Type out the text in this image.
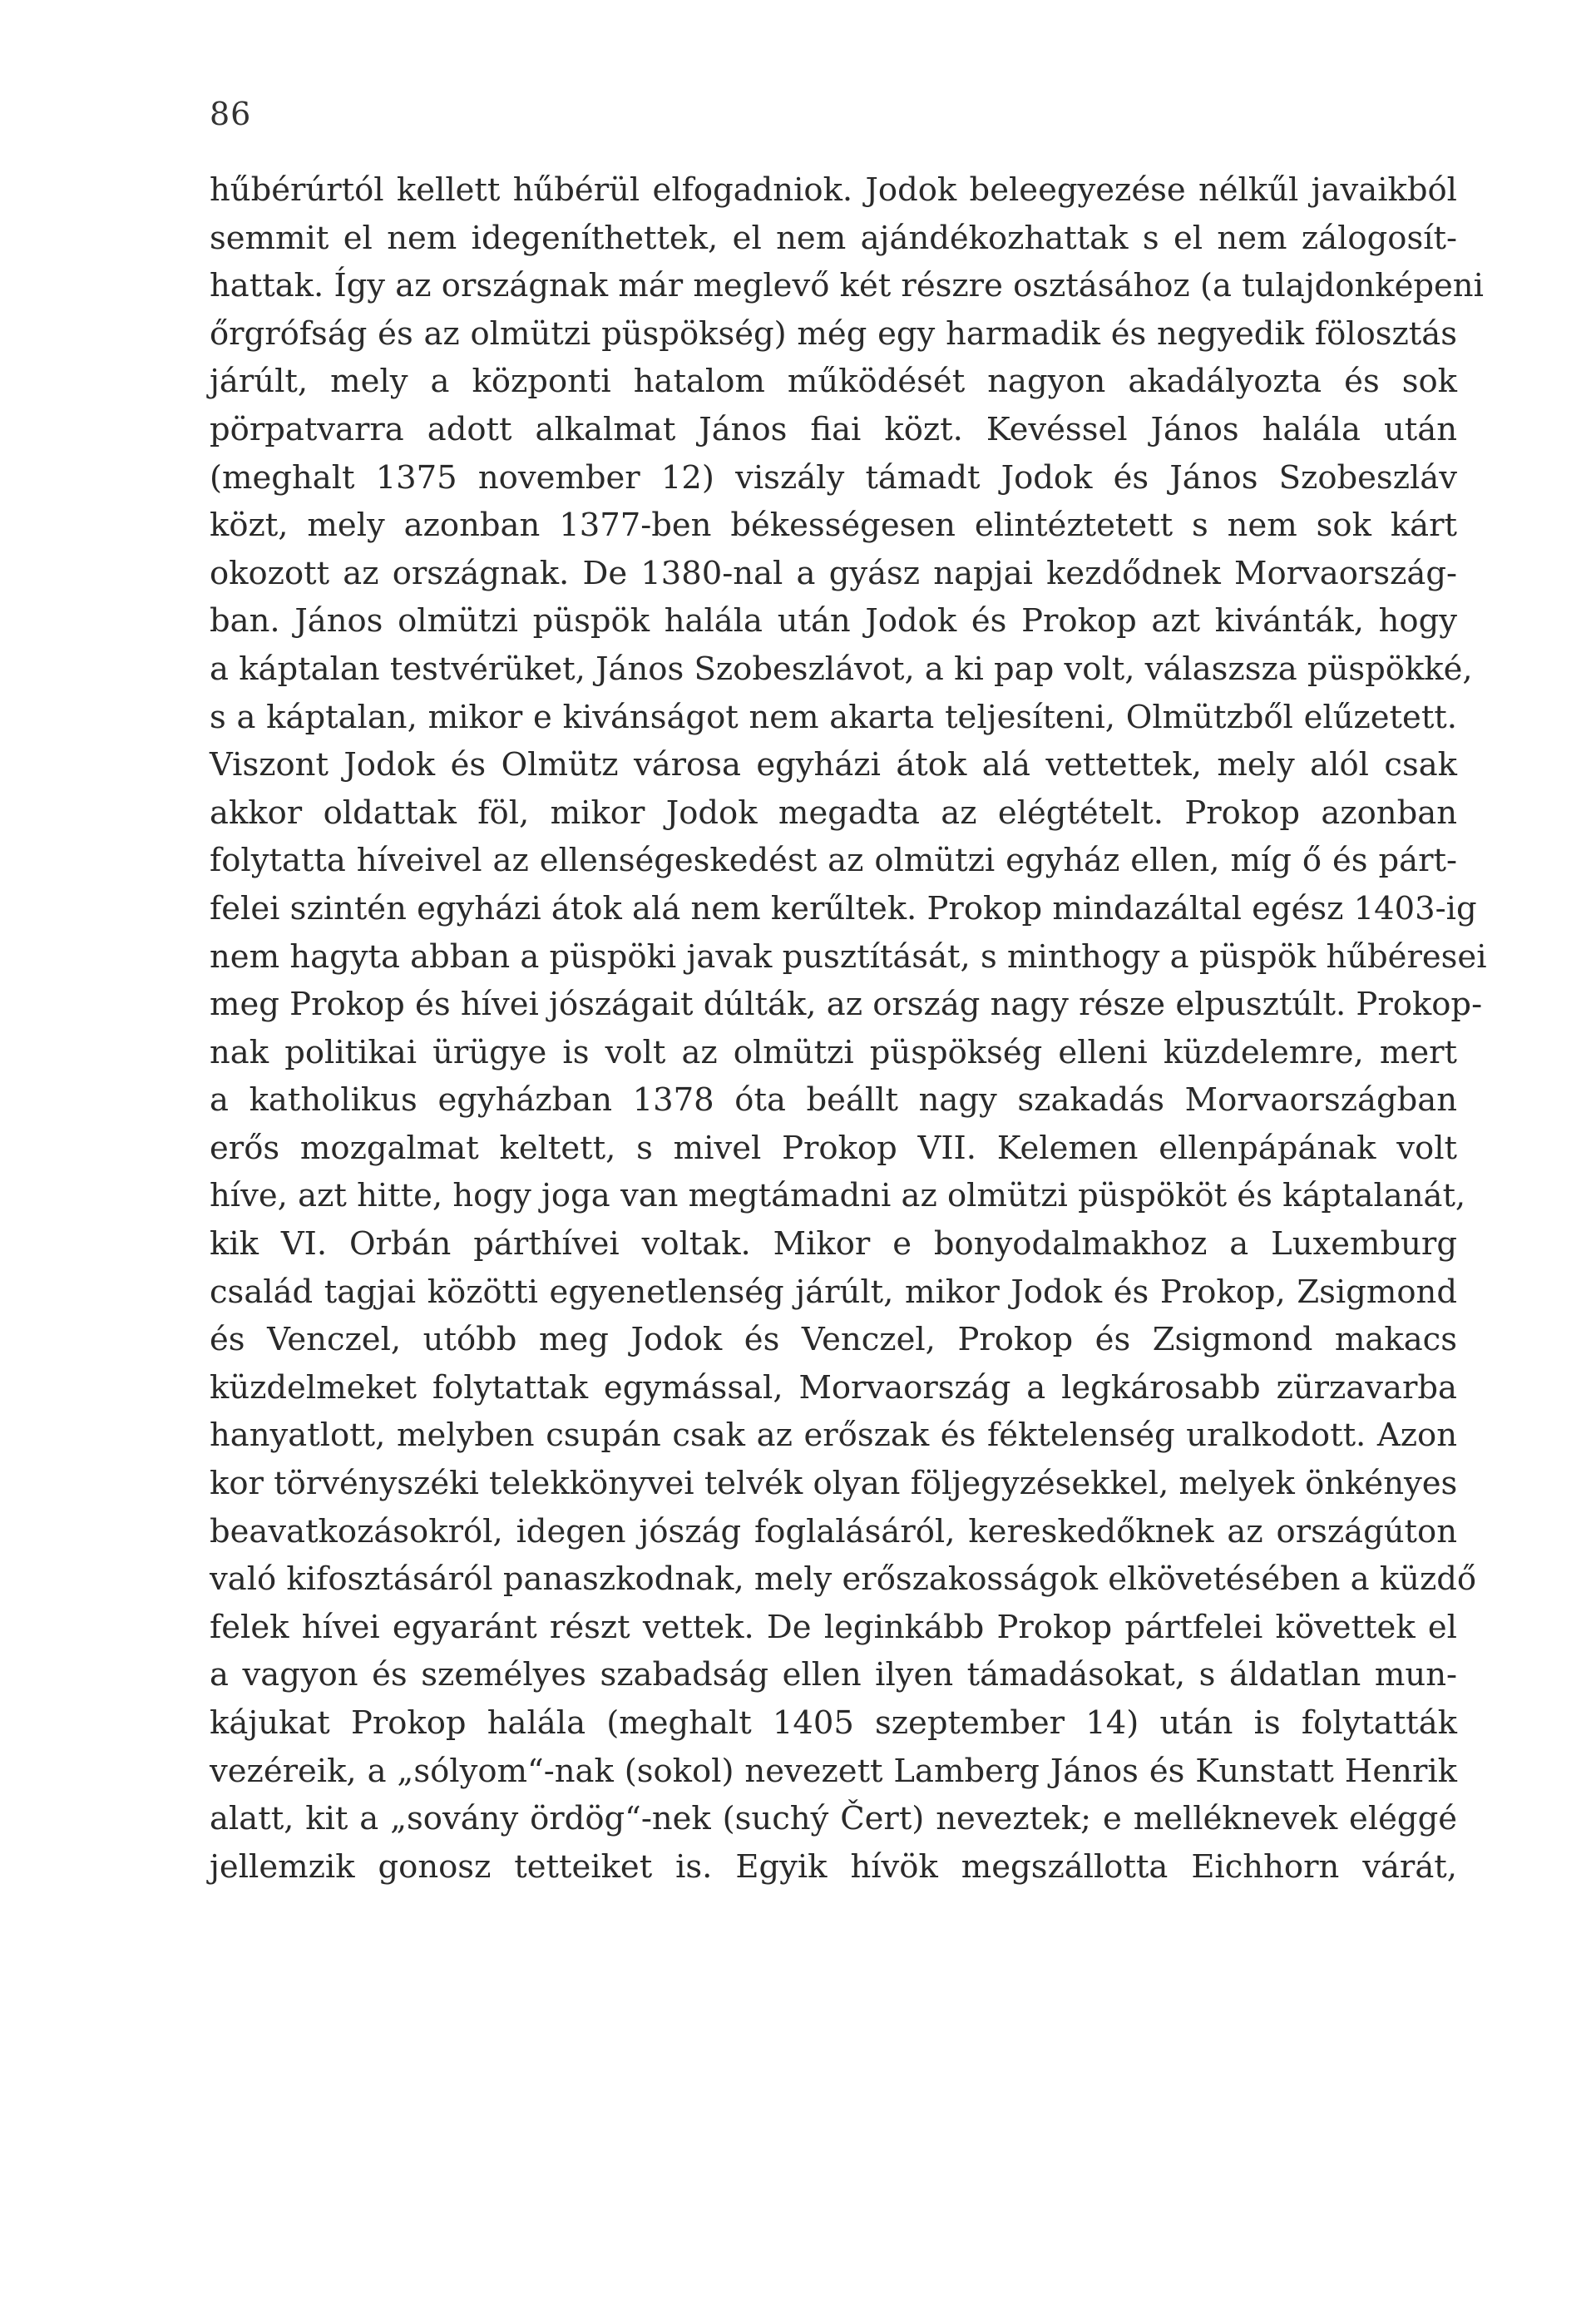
86
hűbérúrtól kellett hűbérül elfogadniok. Jodok beleegyezése nélkűl javaikból
semmit el nem idegeníthettek, el nem ajándékozhattak s el nem zálogosít-
hattak. Így az országnak már meglevő két részre osztásához (a tulajdonképeni
őrgrófság és az olmützi püspökség) még egy harmadik és negyedik fölosztás
járúlt, mely a központi hatalom működését nagyon akadályozta és sok
pörpatvarra adott alkalmat János fiai közt. Kevéssel János halála után
(meghalt 1375 november 12) viszály támadt Jodok és János Szobeszláv
közt, mely azonban 1377-ben békességesen elintéztetett s nem sok kárt
okozott az országnak. De 1380-nal a gyász napjai kezdődnek Morvaország-
ban. János olmützi püspök halála után Jodok és Prokop azt kivánták, hogy
a káptalan testvérüket, János Szobeszlávot, a ki pap volt, válaszsza püspökké,
s a káptalan, mikor e kivánságot nem akarta teljesíteni, Olmützből elűzetett.
Viszont Jodok és Olmütz városa egyházi átok alá vettettek, mely alól csak
akkor oldattak föl, mikor Jodok megadta az elégtételt. Prokop azonban
folytatta híveivel az ellenségeskedést az olmützi egyház ellen, míg ő és párt-
felei szintén egyházi átok alá nem kerűltek. Prokop mindazáltal egész 1403-ig
nem hagyta abban a püspöki javak pusztítását, s minthogy a püspök hűbéresei
meg Prokop és hívei jószágait dúlták, az ország nagy része elpusztúlt. Prokop-
nak politikai ürügye is volt az olmützi püspökség elleni küzdelemre, mert
a katholikus egyházban 1378 óta beállt nagy szakadás Morvaországban
erős mozgalmat keltett, s mivel Prokop VII. Kelemen ellenpápának volt
híve, azt hitte, hogy joga van megtámadni az olmützi püspököt és káptalanát,
kik VI. Orbán párthívei voltak. Mikor e bonyodalmakhoz a Luxemburg
család tagjai közötti egyenetlenség járúlt, mikor Jodok és Prokop, Zsigmond
és Venczel, utóbb meg Jodok és Venczel, Prokop és Zsigmond makacs
küzdelmeket folytattak egymással, Morvaország a legkárosabb zürzavarba
hanyatlott, melyben csupán csak az erőszak és féktelenség uralkodott. Azon
kor törvényszéki telekkönyvei telvék olyan följegyzésekkel, melyek önkényes
beavatkozásokról, idegen jószág foglalásáról, kereskedőknek az országúton
való kifosztásáról panaszkodnak, mely erőszakosságok elkövetésében a küzdő
felek hívei egyaránt részt vettek. De leginkább Prokop pártfelei követtek el
a vagyon és személyes szabadság ellen ilyen támadásokat, s áldatlan mun-
kájukat Prokop halála (meghalt 1405 szeptember 14) után is folytatták
vezéreik, a „sólyom“-nak (sokol) nevezett Lamberg János és Kunstatt Henrik
alatt, kit a „sovány ördög“-nek (suchý Čert) neveztek; e melléknevek eléggé
jellemzik gonosz tetteiket is. Egyik hívök megszállotta Eichhorn várát,
